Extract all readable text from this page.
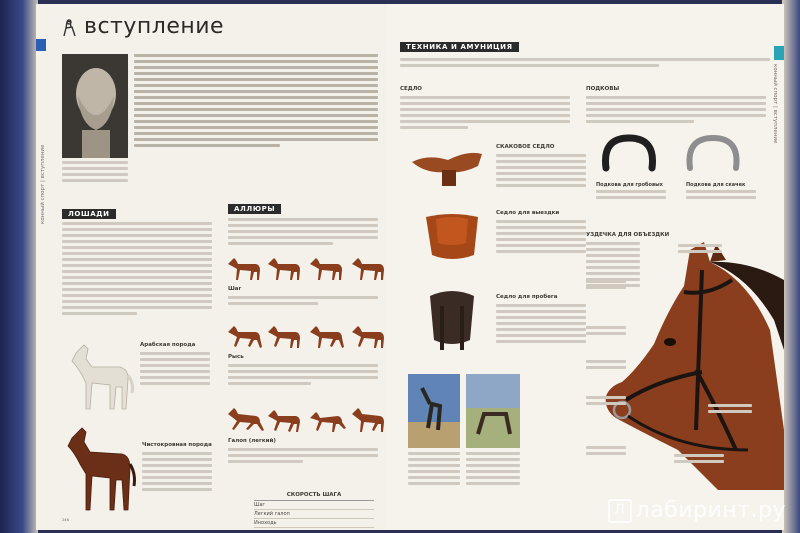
вступление
конный спорт | вступление	ЛОШАДИ
АЛЛЮРЫ
Арабская порода
Чистокровная порода
246
Шаг
Рысь
Галоп (легкий)
СКОРОСТЬ ШАГА
Шаг
Легкий галоп
Иноходь
ТЕХНИКА И АМУНИЦИЯ
конный спорт | вступление
СЕДЛО	ПОДКОВЫ
Подкова для гробовых	Подкова для скачек
СКАКОВОЕ СЕДЛО
Седло для выездки
Седло для пробега
УЗДЕЧКА ДЛЯ ОБЪЕЗДКИ
Л лабиринт.ру
